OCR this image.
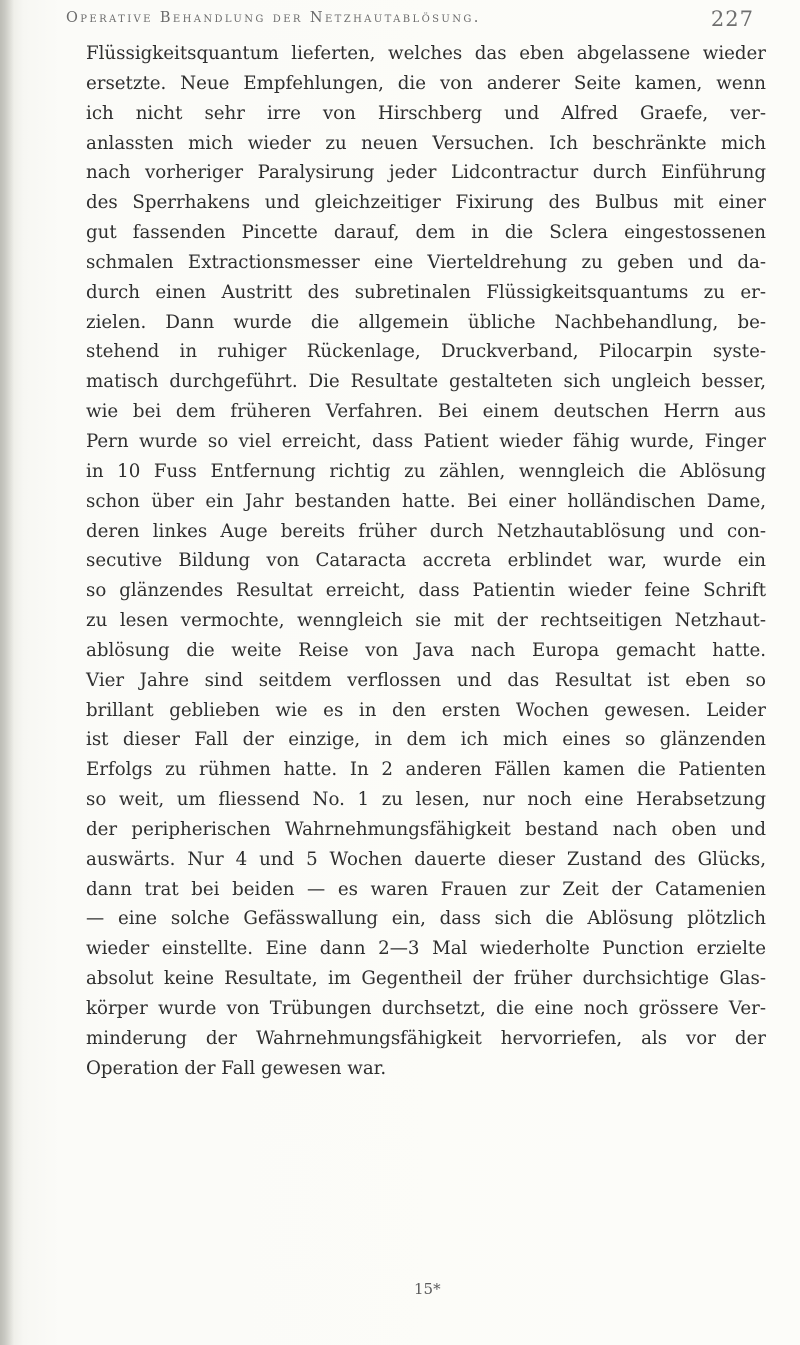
Operative Behandlung der Netzhautablösung.	227
Flüssigkeitsquantum lieferten, welches das eben abgelassene wieder
ersetzte. Neue Empfehlungen, die von anderer Seite kamen, wenn
ich nicht sehr irre von Hirschberg und Alfred Graefe, ver-
anlassten mich wieder zu neuen Versuchen. Ich beschränkte mich
nach vorheriger Paralysirung jeder Lidcontractur durch Einführung
des Sperrhakens und gleichzeitiger Fixirung des Bulbus mit einer
gut fassenden Pincette darauf, dem in die Sclera eingestossenen
schmalen Extractionsmesser eine Vierteldrehung zu geben und da-
durch einen Austritt des subretinalen Flüssigkeitsquantums zu er-
zielen. Dann wurde die allgemein übliche Nachbehandlung, be-
stehend in ruhiger Rückenlage, Druckverband, Pilocarpin syste-
matisch durchgeführt. Die Resultate gestalteten sich ungleich besser,
wie bei dem früheren Verfahren. Bei einem deutschen Herrn aus
Pern wurde so viel erreicht, dass Patient wieder fähig wurde, Finger
in 10 Fuss Entfernung richtig zu zählen, wenngleich die Ablösung
schon über ein Jahr bestanden hatte. Bei einer holländischen Dame,
deren linkes Auge bereits früher durch Netzhautablösung und con-
secutive Bildung von Cataracta accreta erblindet war, wurde ein
so glänzendes Resultat erreicht, dass Patientin wieder feine Schrift
zu lesen vermochte, wenngleich sie mit der rechtseitigen Netzhaut-
ablösung die weite Reise von Java nach Europa gemacht hatte.
Vier Jahre sind seitdem verflossen und das Resultat ist eben so
brillant geblieben wie es in den ersten Wochen gewesen. Leider
ist dieser Fall der einzige, in dem ich mich eines so glänzenden
Erfolgs zu rühmen hatte. In 2 anderen Fällen kamen die Patienten
so weit, um fliessend No. 1 zu lesen, nur noch eine Herabsetzung
der peripherischen Wahrnehmungsfähigkeit bestand nach oben und
auswärts. Nur 4 und 5 Wochen dauerte dieser Zustand des Glücks,
dann trat bei beiden — es waren Frauen zur Zeit der Catamenien
— eine solche Gefässwallung ein, dass sich die Ablösung plötzlich
wieder einstellte. Eine dann 2—3 Mal wiederholte Punction erzielte
absolut keine Resultate, im Gegentheil der früher durchsichtige Glas-
körper wurde von Trübungen durchsetzt, die eine noch grössere Ver-
minderung der Wahrnehmungsfähigkeit hervorriefen, als vor der
Operation der Fall gewesen war.
15*
